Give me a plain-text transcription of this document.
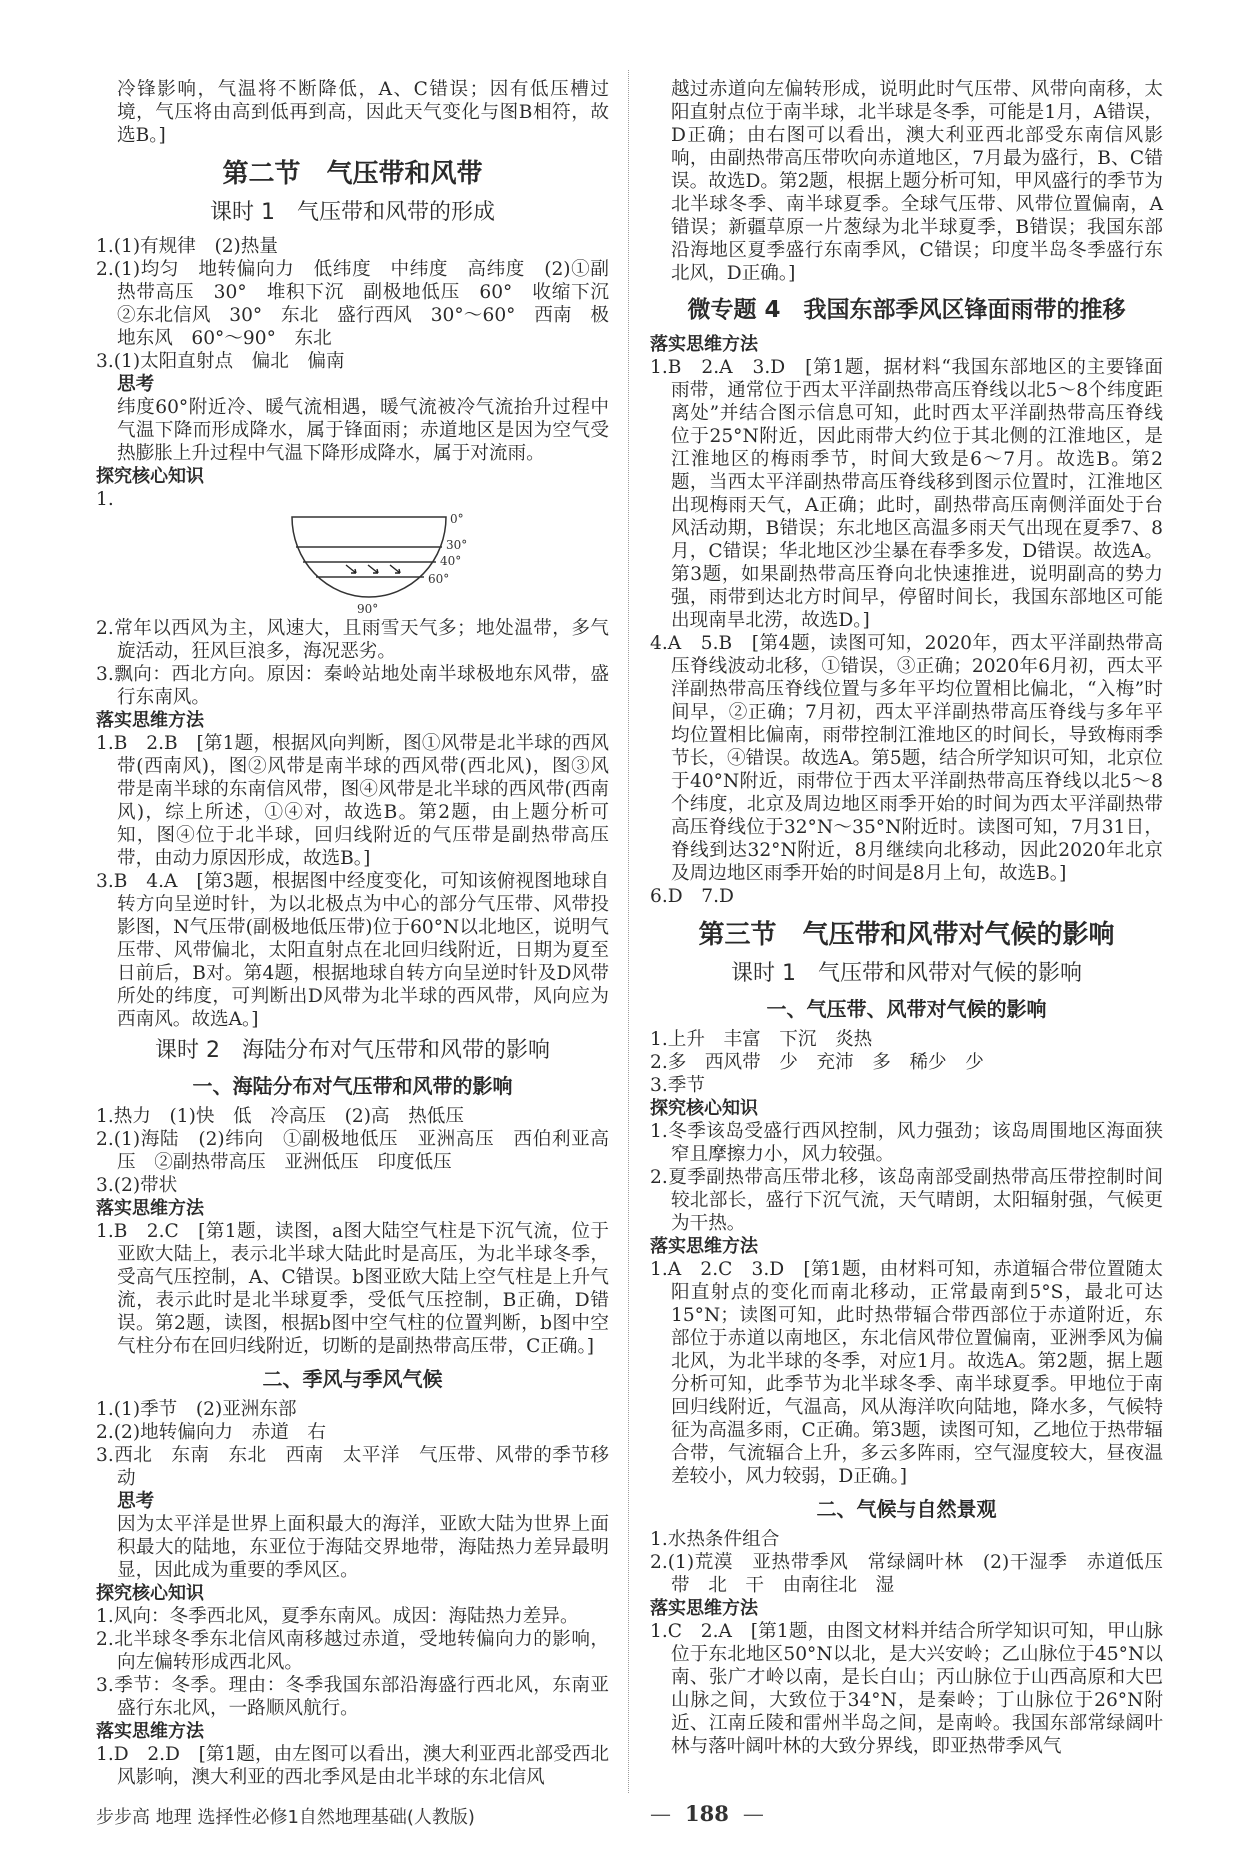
冷锋影响，气温将不断降低，A、C错误；因有低压槽过境，气压将由高到低再到高，因此天气变化与图B相符，故选B。]
第二节　气压带和风带
课时 1　气压带和风带的形成
1.(1)有规律　(2)热量
2.(1)均匀　地转偏向力　低纬度　中纬度　高纬度　(2)①副热带高压　30°　堆积下沉　副极地低压　60°　收缩下沉　②东北信风　30°　东北　盛行西风　30°～60°　西南　极地东风　60°～90°　东北
3.(1)太阳直射点　偏北　偏南
思考
纬度60°附近冷、暖气流相遇，暖气流被冷气流抬升过程中气温下降而形成降水，属于锋面雨；赤道地区是因为空气受热膨胀上升过程中气温下降形成降水，属于对流雨。
探究核心知识
1.
0°
30°
40°
60°
90°
2.常年以西风为主，风速大，且雨雪天气多；地处温带，多气旋活动，狂风巨浪多，海况恶劣。
3.飘向：西北方向。原因：秦岭站地处南半球极地东风带，盛行东南风。
落实思维方法
1.B　2.B　[第1题，根据风向判断，图①风带是北半球的西风带(西南风)，图②风带是南半球的西风带(西北风)，图③风带是南半球的东南信风带，图④风带是北半球的西风带(西南风)，综上所述，①④对，故选B。第2题，由上题分析可知，图④位于北半球，回归线附近的气压带是副热带高压带，由动力原因形成，故选B。]
3.B　4.A　[第3题，根据图中经度变化，可知该俯视图地球自转方向呈逆时针，为以北极点为中心的部分气压带、风带投影图，N气压带(副极地低压带)位于60°N以北地区，说明气压带、风带偏北，太阳直射点在北回归线附近，日期为夏至日前后，B对。第4题，根据地球自转方向呈逆时针及D风带所处的纬度，可判断出D风带为北半球的西风带，风向应为西南风。故选A。]
课时 2　海陆分布对气压带和风带的影响
一、海陆分布对气压带和风带的影响
1.热力　(1)快　低　冷高压　(2)高　热低压
2.(1)海陆　(2)纬向　①副极地低压　亚洲高压　西伯利亚高压　②副热带高压　亚洲低压　印度低压
3.(2)带状
落实思维方法
1.B　2.C　[第1题，读图，a图大陆空气柱是下沉气流，位于亚欧大陆上，表示北半球大陆此时是高压，为北半球冬季，受高气压控制，A、C错误。b图亚欧大陆上空气柱是上升气流，表示此时是北半球夏季，受低气压控制，B正确，D错误。第2题，读图，根据b图中空气柱的位置判断，b图中空气柱分布在回归线附近，切断的是副热带高压带，C正确。]
二、季风与季风气候
1.(1)季节　(2)亚洲东部
2.(2)地转偏向力　赤道　右
3.西北　东南　东北　西南　太平洋　气压带、风带的季节移动
思考
因为太平洋是世界上面积最大的海洋，亚欧大陆为世界上面积最大的陆地，东亚位于海陆交界地带，海陆热力差异最明显，因此成为重要的季风区。
探究核心知识
1.风向：冬季西北风，夏季东南风。成因：海陆热力差异。
2.北半球冬季东北信风南移越过赤道，受地转偏向力的影响，向左偏转形成西北风。
3.季节：冬季。理由：冬季我国东部沿海盛行西北风，东南亚盛行东北风，一路顺风航行。
落实思维方法
1.D　2.D　[第1题，由左图可以看出，澳大利亚西北部受西北风影响，澳大利亚的西北季风是由北半球的东北信风
越过赤道向左偏转形成，说明此时气压带、风带向南移，太阳直射点位于南半球，北半球是冬季，可能是1月，A错误，D正确；由右图可以看出，澳大利亚西北部受东南信风影响，由副热带高压带吹向赤道地区，7月最为盛行，B、C错误。故选D。第2题，根据上题分析可知，甲风盛行的季节为北半球冬季、南半球夏季。全球气压带、风带位置偏南，A错误；新疆草原一片葱绿为北半球夏季，B错误；我国东部沿海地区夏季盛行东南季风，C错误；印度半岛冬季盛行东北风，D正确。]
微专题 4　我国东部季风区锋面雨带的推移
落实思维方法
1.B　2.A　3.D　[第1题，据材料“我国东部地区的主要锋面雨带，通常位于西太平洋副热带高压脊线以北5～8个纬度距离处”并结合图示信息可知，此时西太平洋副热带高压脊线位于25°N附近，因此雨带大约位于其北侧的江淮地区，是江淮地区的梅雨季节，时间大致是6～7月。故选B。第2题，当西太平洋副热带高压脊线移到图示位置时，江淮地区出现梅雨天气，A正确；此时，副热带高压南侧洋面处于台风活动期，B错误；东北地区高温多雨天气出现在夏季7、8月，C错误；华北地区沙尘暴在春季多发，D错误。故选A。第3题，如果副热带高压脊向北快速推进，说明副高的势力强，雨带到达北方时间早，停留时间长，我国东部地区可能出现南旱北涝，故选D。]
4.A　5.B　[第4题，读图可知，2020年，西太平洋副热带高压脊线波动北移，①错误，③正确；2020年6月初，西太平洋副热带高压脊线位置与多年平均位置相比偏北，“入梅”时间早，②正确；7月初，西太平洋副热带高压脊线与多年平均位置相比偏南，雨带控制江淮地区的时间长，导致梅雨季节长，④错误。故选A。第5题，结合所学知识可知，北京位于40°N附近，雨带位于西太平洋副热带高压脊线以北5～8个纬度，北京及周边地区雨季开始的时间为西太平洋副热带高压脊线位于32°N～35°N附近时。读图可知，7月31日，脊线到达32°N附近，8月继续向北移动，因此2020年北京及周边地区雨季开始的时间是8月上旬，故选B。]
6.D　7.D
第三节　气压带和风带对气候的影响
课时 1　气压带和风带对气候的影响
一、气压带、风带对气候的影响
1.上升　丰富　下沉　炎热
2.多　西风带　少　充沛　多　稀少　少
3.季节
探究核心知识
1.冬季该岛受盛行西风控制，风力强劲；该岛周围地区海面狭窄且摩擦力小，风力较强。
2.夏季副热带高压带北移，该岛南部受副热带高压带控制时间较北部长，盛行下沉气流，天气晴朗，太阳辐射强，气候更为干热。
落实思维方法
1.A　2.C　3.D　[第1题，由材料可知，赤道辐合带位置随太阳直射点的变化而南北移动，正常最南到5°S，最北可达15°N；读图可知，此时热带辐合带西部位于赤道附近，东部位于赤道以南地区，东北信风带位置偏南，亚洲季风为偏北风，为北半球的冬季，对应1月。故选A。第2题，据上题分析可知，此季节为北半球冬季、南半球夏季。甲地位于南回归线附近，气温高，风从海洋吹向陆地，降水多，气候特征为高温多雨，C正确。第3题，读图可知，乙地位于热带辐合带，气流辐合上升，多云多阵雨，空气湿度较大，昼夜温差较小，风力较弱，D正确。]
二、气候与自然景观
1.水热条件组合
2.(1)荒漠　亚热带季风　常绿阔叶林　(2)干湿季　赤道低压带　北　干　由南往北　湿
落实思维方法
1.C　2.A　[第1题，由图文材料并结合所学知识可知，甲山脉位于东北地区50°N以北，是大兴安岭；乙山脉位于45°N以南、张广才岭以南，是长白山；丙山脉位于山西高原和大巴山脉之间，大致位于34°N，是秦岭；丁山脉位于26°N附近、江南丘陵和雷州半岛之间，是南岭。我国东部常绿阔叶林与落叶阔叶林的大致分界线，即亚热带季风气
步步高 地理 选择性必修1自然地理基础(人教版)	— 188 —
